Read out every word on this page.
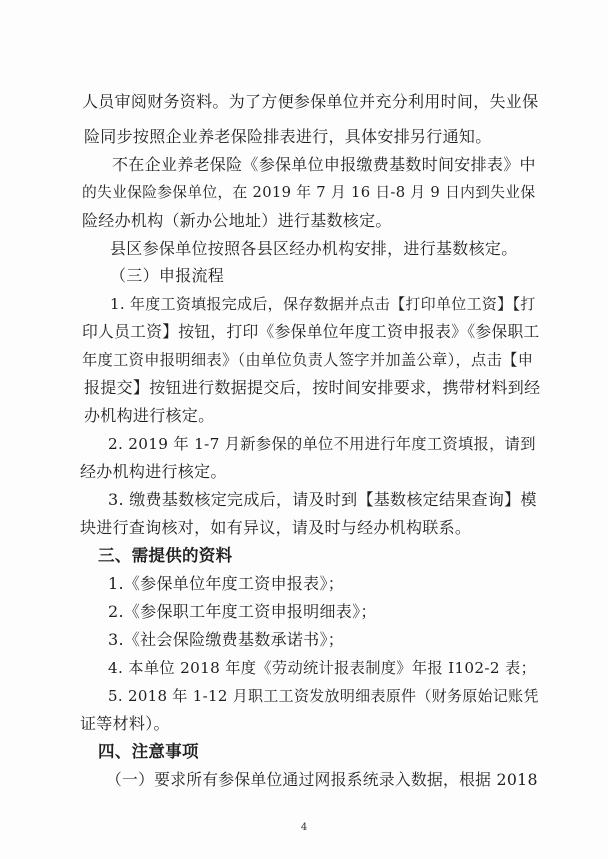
人员审阅财务资料。为了方便参保单位并充分利用时间，失业保
险同步按照企业养老保险排表进行，具体安排另行通知。
不在企业养老保险《参保单位申报缴费基数时间安排表》中
的失业保险参保单位，在 2019 年 7 月 16 日-8 月 9 日内到失业保
险经办机构（新办公地址）进行基数核定。
县区参保单位按照各县区经办机构安排，进行基数核定。
（三）申报流程
1. 年度工资填报完成后，保存数据并点击【打印单位工资】【打
印人员工资】按钮，打印《参保单位年度工资申报表》《参保职工
年度工资申报明细表》（由单位负责人签字并加盖公章），点击【申
报提交】按钮进行数据提交后，按时间安排要求，携带材料到经
办机构进行核定。
2. 2019 年 1-7 月新参保的单位不用进行年度工资填报，请到
经办机构进行核定。
3. 缴费基数核定完成后，请及时到【基数核定结果查询】模
块进行查询核对，如有异议，请及时与经办机构联系。
三、需提供的资料
1.《参保单位年度工资申报表》；
2.《参保职工年度工资申报明细表》；
3.《社会保险缴费基数承诺书》；
4. 本单位 2018 年度《劳动统计报表制度》年报 I102-2 表；
5. 2018 年 1-12 月职工工资发放明细表原件（财务原始记账凭
证等材料）。
四、注意事项
（一）要求所有参保单位通过网报系统录入数据，根据 2018
4
